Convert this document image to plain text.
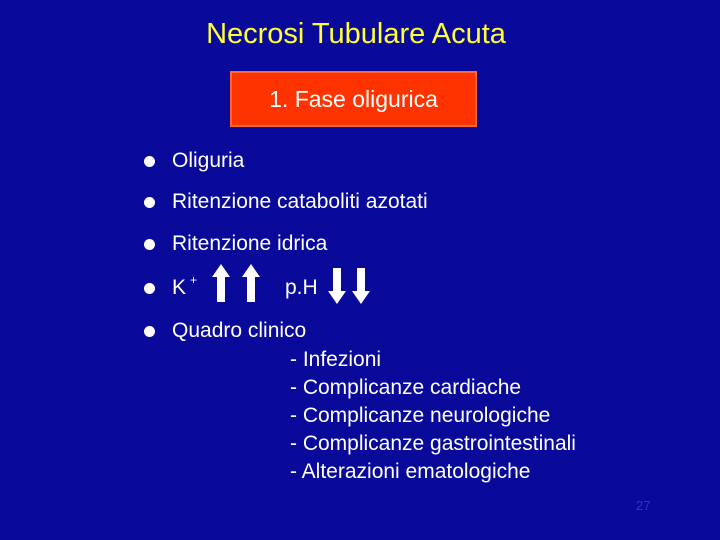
Necrosi Tubulare Acuta
1. Fase oligurica
Oliguria
Ritenzione cataboliti azotati
Ritenzione idrica
K +	p.H
Quadro clinico
- Infezioni
- Complicanze cardiache
- Complicanze neurologiche
- Complicanze gastrointestinali
- Alterazioni ematologiche
27
